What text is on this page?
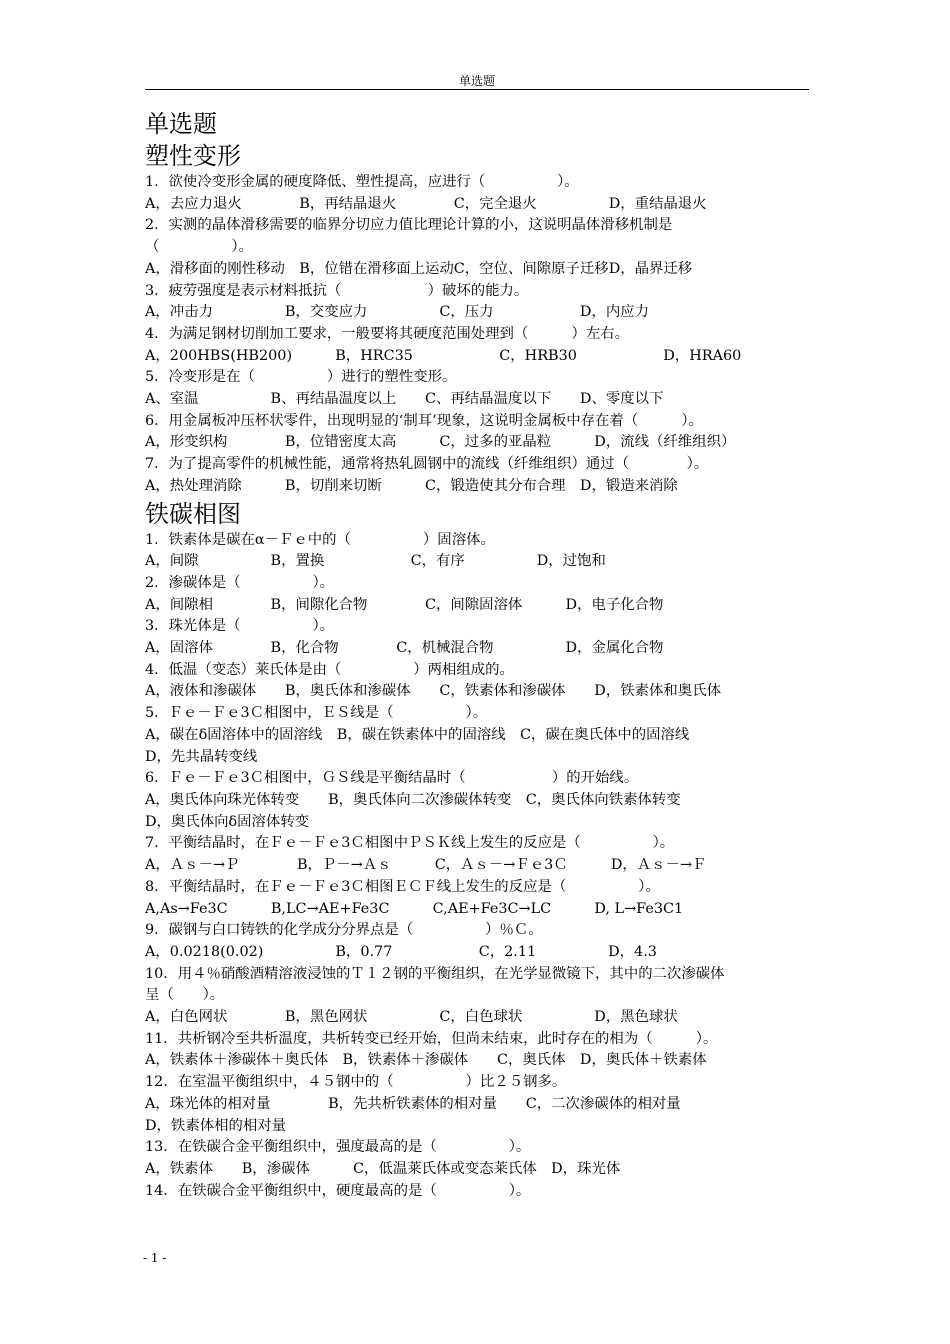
单选题
单选题
塑性变形
1．欲使冷变形金属的硬度降低、塑性提高，应进行（　　　　　）。
A，去应力退火　　　　B，再结晶退火　　　　C，完全退火　　　　　D，重结晶退火
2．实测的晶体滑移需要的临界分切应力值比理论计算的小，这说明晶体滑移机制是
（　　　　　）。
A，滑移面的刚性移动　B，位错在滑移面上运动C，空位、间隙原子迁移D，晶界迁移
3．疲劳强度是表示材料抵抗（　　　　　　）破坏的能力。
A，冲击力　　　　　B，交变应力　　　　　C，压力　　　　　　D，内应力
4．为满足钢材切削加工要求，一般要将其硬度范围处理到（　　　）左右。
A，200HBS(HB200)　　　B，HRC35　　　　　　C，HRB30　　　　　　D，HRA60
5．冷变形是在（　　　　　）进行的塑性变形。
A、室温　　　　　B、再结晶温度以上　　C、再结晶温度以下　　D、零度以下
6．用金属板冲压杯状零件，出现明显的‘制耳’现象，这说明金属板中存在着（　　　）。
A，形变织构　　　　B，位错密度太高　　　C，过多的亚晶粒　　　D，流线（纤维组织）
7．为了提高零件的机械性能，通常将热轧圆钢中的流线（纤维组织）通过（　　　　）。
A，热处理消除　　　B，切削来切断　　　C，锻造使其分布合理　D，锻造来消除
铁碳相图
1．铁素体是碳在α－Ｆｅ中的（　　　　　）固溶体。
A，间隙　　　　　B，置换　　　　　　C，有序　　　　　D，过饱和
2．渗碳体是（　　　　　）。
A，间隙相　　　　B，间隙化合物　　　　C，间隙固溶体　　　D，电子化合物
3．珠光体是（　　　　　）。
A，固溶体　　　　B，化合物　　　　C，机械混合物　　　　　D，金属化合物
4．低温（变态）莱氏体是由（　　　　　）两相组成的。
A，液体和渗碳体　　B，奥氏体和渗碳体　　C，铁素体和渗碳体　　D，铁素体和奥氏体
5．Ｆｅ－Ｆｅ3Ｃ相图中，ＥＳ线是（　　　　　）。
A，碳在δ固溶体中的固溶线　B，碳在铁素体中的固溶线　C，碳在奥氏体中的固溶线
D，先共晶转变线
6．Ｆｅ－Ｆｅ3Ｃ相图中，ＧＳ线是平衡结晶时（　　　　　　）的开始线。
A，奥氏体向珠光体转变　　B，奥氏体向二次渗碳体转变　C，奥氏体向铁素体转变
D，奥氏体向δ固溶体转变
7．平衡结晶时，在Ｆｅ－Ｆｅ3Ｃ相图中ＰＳＫ线上发生的反应是（　　　　　）。
A，Ａｓ－→Ｐ　　　　B，Ｐ－→Ａｓ　　　C，Ａｓ－→Ｆｅ3Ｃ　　　D，Ａｓ－→Ｆ
8．平衡结晶时，在Ｆｅ－Ｆｅ3Ｃ相图ＥＣＦ线上发生的反应是（　　　　　）。
A,As→Fe3C　　　B,LC→AE+Fe3C　　　C,AE+Fe3C→LC　　　D, L→Fe3C1
9．碳钢与白口铸铁的化学成分分界点是（　　　　　）％Ｃ。
A，0.0218(0.02)　　　　　B，0.77　　　　　　C，2.11　　　　　D，4.3
10．用４％硝酸酒精溶液浸蚀的Ｔ１２钢的平衡组织，在光学显微镜下，其中的二次渗碳体
呈（　　）。
A，白色网状　　　　B，黑色网状　　　　　C，白色球状　　　　　D，黑色球状
11．共析钢冷至共析温度，共析转变已经开始，但尚未结束，此时存在的相为（　　　）。
A，铁素体＋渗碳体＋奥氏体　B，铁素体＋渗碳体　　C，奥氏体　D，奥氏体＋铁素体
12．在室温平衡组织中，４５钢中的（　　　　　）比２５钢多。
A，珠光体的相对量　　　　B，先共析铁素体的相对量　　C，二次渗碳体的相对量
D，铁素体相的相对量
13．在铁碳合金平衡组织中，强度最高的是（　　　　　）。
A，铁素体　　B，渗碳体　　　C，低温莱氏体或变态莱氏体　D，珠光体
14．在铁碳合金平衡组织中，硬度最高的是（　　　　　）。
- 1 -
